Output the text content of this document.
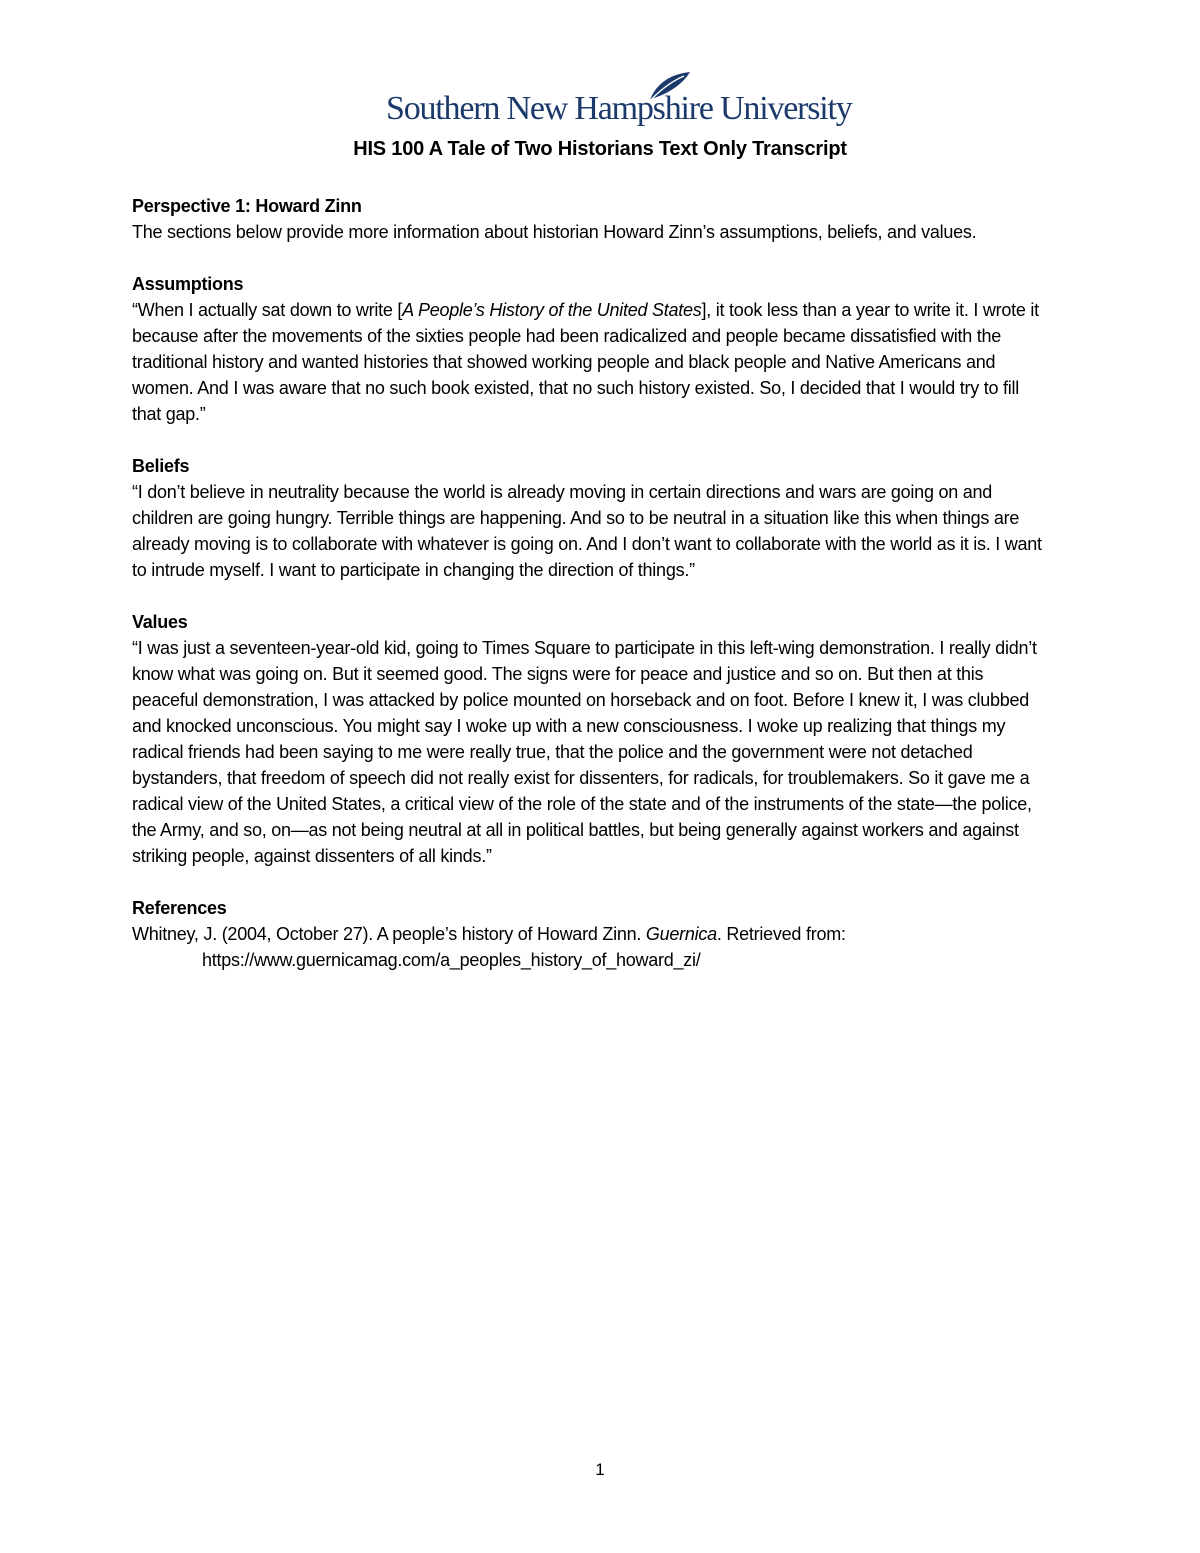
Southern New Hampshire University
HIS 100 A Tale of Two Historians Text Only Transcript

Perspective 1: Howard Zinn

The sections below provide more information about historian Howard Zinn’s assumptions, beliefs, and values.

Assumptions

“When I actually sat down to write [A People’s History of the United States], it took less than a year to write it. I wrote it because after the movements of the sixties people had been radicalized and people became dissatisfied with the traditional history and wanted histories that showed working people and black people and Native Americans and women. And I was aware that no such book existed, that no such history existed. So, I decided that I would try to fill that gap.”

Beliefs

“I don’t believe in neutrality because the world is already moving in certain directions and wars are going on and children are going hungry. Terrible things are happening. And so to be neutral in a situation like this when things are already moving is to collaborate with whatever is going on. And I don’t want to collaborate with the world as it is. I want to intrude myself. I want to participate in changing the direction of things.”

Values

“I was just a seventeen-year-old kid, going to Times Square to participate in this left-wing demonstration. I really didn’t know what was going on. But it seemed good. The signs were for peace and justice and so on. But then at this peaceful demonstration, I was attacked by police mounted on horseback and on foot. Before I knew it, I was clubbed and knocked unconscious. You might say I woke up with a new consciousness. I woke up realizing that things my radical friends had been saying to me were really true, that the police and the government were not detached bystanders, that freedom of speech did not really exist for dissenters, for radicals, for troublemakers. So it gave me a radical view of the United States, a critical view of the role of the state and of the instruments of the state—the police, the Army, and so, on—as not being neutral at all in political battles, but being generally against workers and against striking people, against dissenters of all kinds.”

References

Whitney, J. (2004, October 27). A people’s history of Howard Zinn. Guernica. Retrieved from:

https://www.guernicamag.com/a_peoples_history_of_howard_zi/

1
